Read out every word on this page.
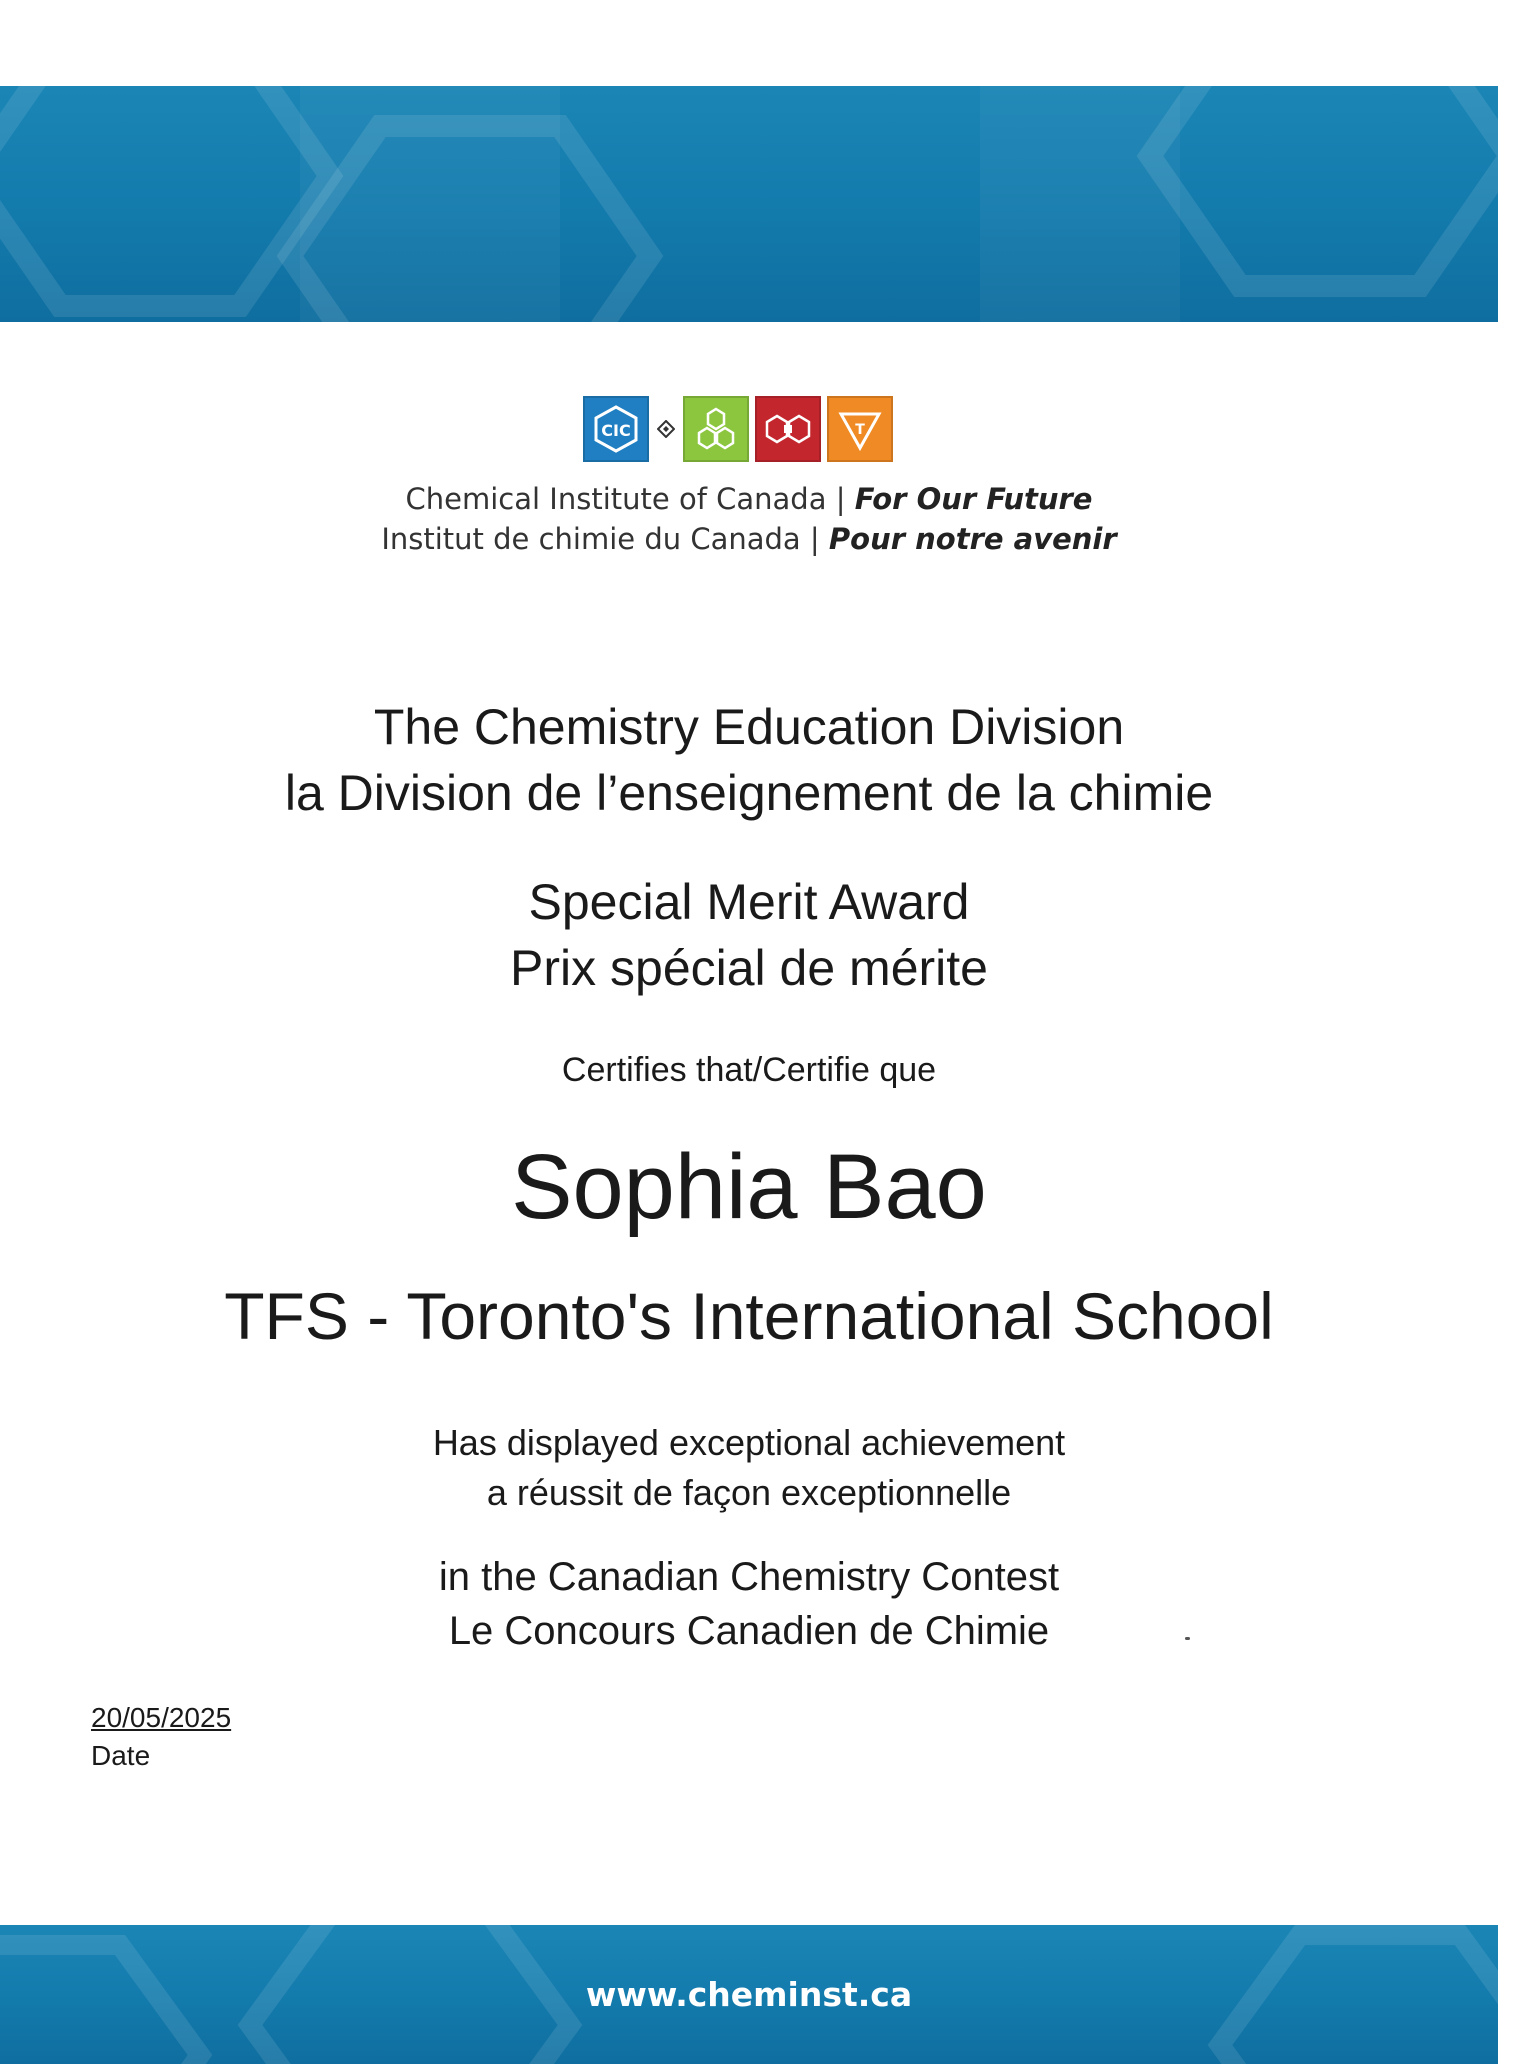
CIC	T
Chemical Institute of Canada | For Our Future
Institut de chimie du Canada | Pour notre avenir
The Chemistry Education Division
la Division de l’enseignement de la chimie
Special Merit Award
Prix spécial de mérite
Certifies that/Certifie que
Sophia Bao
TFS - Toronto's International School
Has displayed exceptional achievement
a réussit de façon exceptionnelle
in the Canadian Chemistry Contest
Le Concours Canadien de Chimie
20/05/2025
Date
www.cheminst.ca
